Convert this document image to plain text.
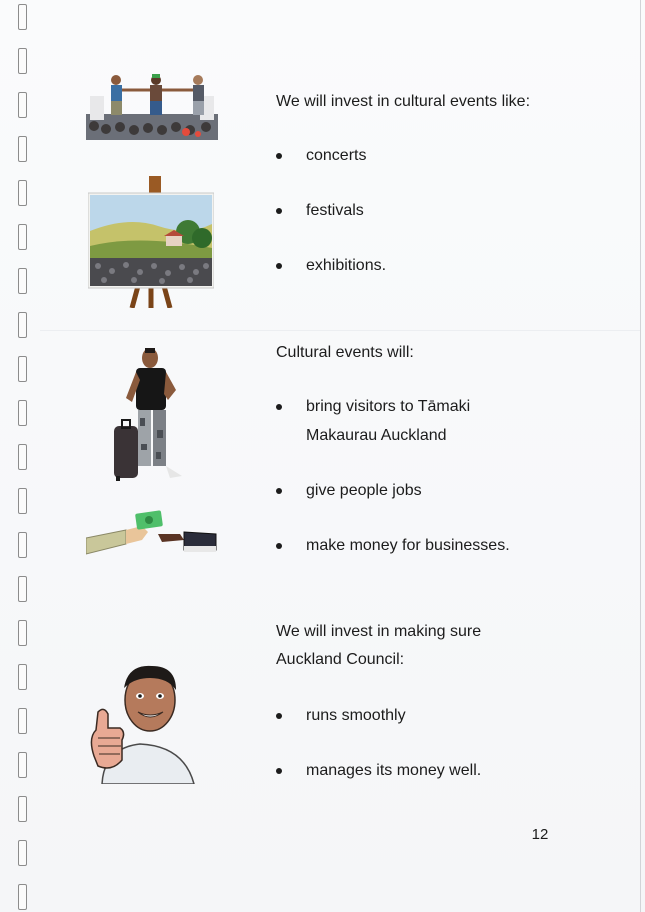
We will invest in cultural events like:
concerts
festivals
exhibitions.
Cultural events will:
bring visitors to Tāmaki
Makaurau Auckland
give people jobs
make money for businesses.
We will invest in making sure
Auckland Council:
runs smoothly
manages its money well.
12
